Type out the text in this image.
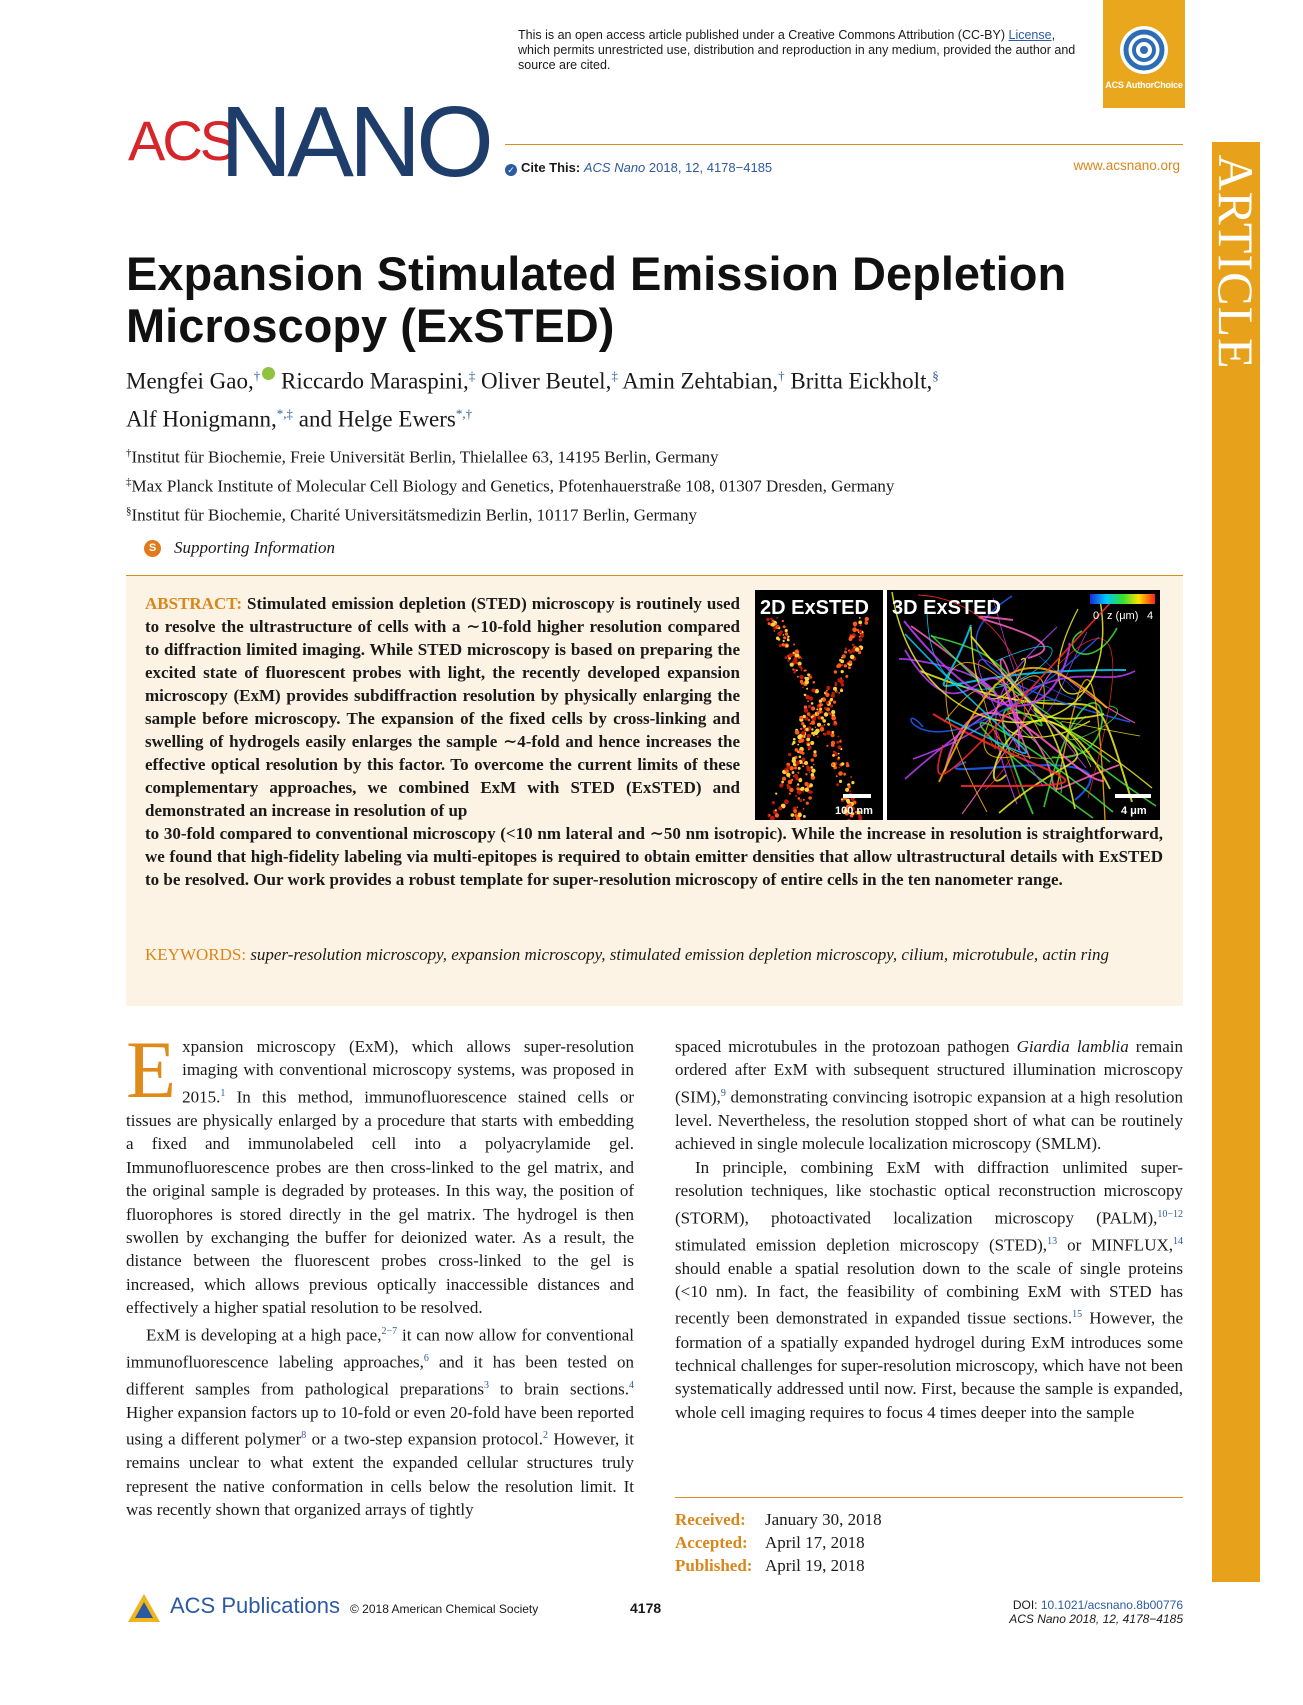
This is an open access article published under a Creative Commons Attribution (CC-BY) License, which permits unrestricted use, distribution and reproduction in any medium, provided the author and source are cited.
ACS AuthorChoice
ACS
NANO ✓ Cite This: ACS Nano 2018, 12, 4178−4185	www.acsnano.org ARTICLE
Expansion Stimulated Emission Depletion Microscopy (ExSTED)
Mengfei Gao,† Riccardo Maraspini,‡ Oliver Beutel,‡ Amin Zehtabian,† Britta Eickholt,§
Alf Honigmann,*,‡ and Helge Ewers*,†
†Institut für Biochemie, Freie Universität Berlin, Thielallee 63, 14195 Berlin, Germany
‡Max Planck Institute of Molecular Cell Biology and Genetics, Pfotenhauerstraße 108, 01307 Dresden, Germany
§Institut für Biochemie, Charité Universitätsmedizin Berlin, 10117 Berlin, Germany
S Supporting Information
ABSTRACT: Stimulated emission depletion (STED) microscopy is routinely used to resolve the ultrastructure of cells with a ∼10-fold higher resolution compared to diffraction limited imaging. While STED microscopy is based on preparing the excited state of fluorescent probes with light, the recently developed expansion microscopy (ExM) provides subdiffraction resolution by physically enlarging the sample before microscopy. The expansion of the fixed cells by cross-linking and swelling of hydrogels easily enlarges the sample ∼4-fold and hence increases the effective optical resolution by this factor. To overcome the current limits of these complementary approaches, we combined ExM with STED (ExSTED) and demonstrated an increase in resolution of up
to 30-fold compared to conventional microscopy (<10 nm lateral and ∼50 nm isotropic). While the increase in resolution is straightforward, we found that high-fidelity labeling via multi-epitopes is required to obtain emitter densities that allow ultrastructural details with ExSTED to be resolved. Our work provides a robust template for super-resolution microscopy of entire cells in the ten nanometer range.
KEYWORDS: super-resolution microscopy, expansion microscopy, stimulated emission depletion microscopy, cilium, microtubule, actin ring
2D ExSTED 3D ExSTED	0 z (μm) 4
100 nm	4 μm

Expansion microscopy (ExM), which allows super-resolution imaging with conventional microscopy systems, was proposed in 2015.$^1$ In this method, immunofluorescence stained cells or tissues are physically enlarged by a procedure that starts with embedding a fixed and immunolabeled cell into a polyacrylamide gel. Immunofluorescence probes are then cross-linked to the gel matrix, and the original sample is degraded by proteases. In this way, the position of fluorophores is stored directly in the gel matrix. The hydrogel is then swollen by exchanging the buffer for deionized water. As a result, the distance between the fluorescent probes cross-linked to the gel is increased, which allows previous optically inaccessible distances and effectively a higher spatial resolution to be resolved.

ExM is developing at a high pace,$^{2-7}$ it can now allow for conventional immunofluorescence labeling approaches,$^6$ and it has been tested on different samples from pathological preparations$^3$ to brain sections.$^4$ Higher expansion factors up to 10-fold or even 20-fold have been reported using a different polymer$^8$ or a two-step expansion protocol.$^2$ However, it remains unclear to what extent the expanded cellular structures truly represent the native conformation in cells below the resolution limit. It was recently shown that organized arrays of tightly

spaced microtubules in the protozoan pathogen Giardia lamblia remain ordered after ExM with subsequent structured illumination microscopy (SIM),$^9$ demonstrating convincing isotropic expansion at a high resolution level. Nevertheless, the resolution stopped short of what can be routinely achieved in single molecule localization microscopy (SMLM).

In principle, combining ExM with diffraction unlimited super-resolution techniques, like stochastic optical reconstruction microscopy (STORM), photoactivated localization microscopy (PALM),$^{10-12}$ stimulated emission depletion microscopy (STED),$^{13}$ or MINFLUX,$^{14}$ should enable a spatial resolution down to the scale of single proteins (<10 nm). In fact, the feasibility of combining ExM with STED has recently been demonstrated in expanded tissue sections.$^{15}$ However, the formation of a spatially expanded hydrogel during ExM introduces some technical challenges for super-resolution microscopy, which have not been systematically addressed until now. First, because the sample is expanded, whole cell imaging requires to focus 4 times deeper into the sample

Received: January 30, 2018
Accepted: April 17, 2018
Published: April 19, 2018
ACS Publications © 2018 American Chemical Society	4178	DOI: 10.1021/acsnano.8b00776
ACS Nano 2018, 12, 4178−4185
